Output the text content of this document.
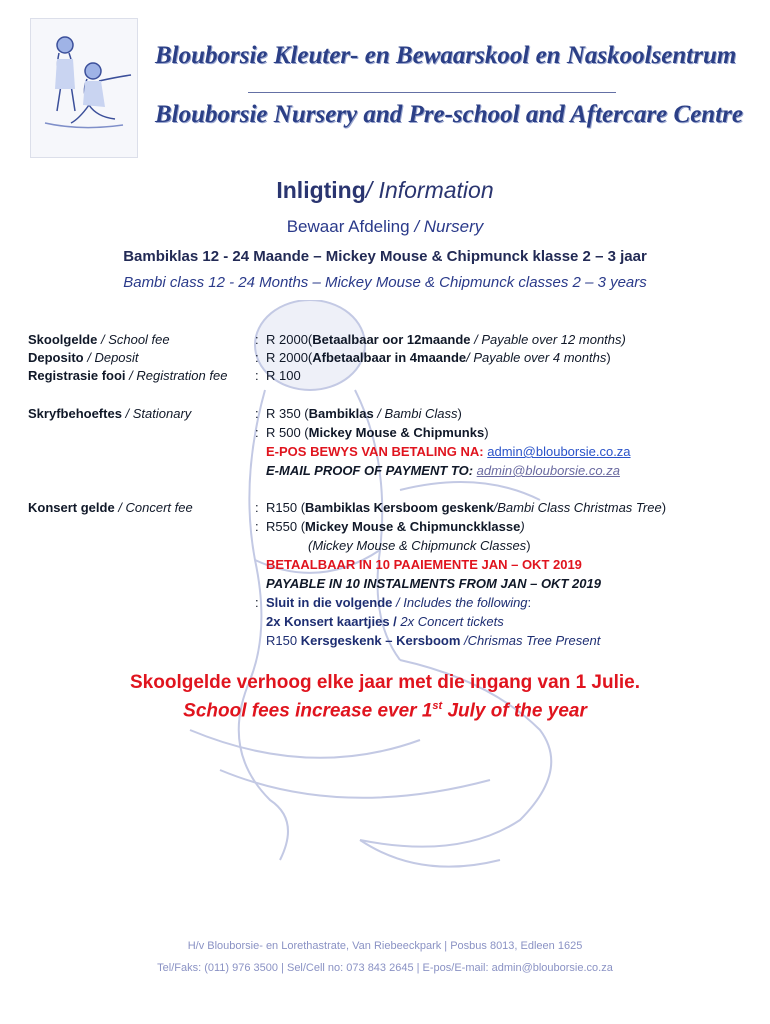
Blouborsie Kleuter- en Bewaarskool en Naskoolsentrum
Blouborsie Nursery and Pre-school and Aftercare Centre
Inligting/ Information
Bewaar Afdeling / Nursery
Bambiklas 12 - 24 Maande – Mickey Mouse & Chipmunck klasse 2 – 3 jaar
Bambi class 12 - 24 Months – Mickey Mouse & Chipmunck classes 2 – 3 years
Skoolgelde / School fee	: R 2000(Betaalbaar oor 12maande / Payable over 12 months)
Deposito / Deposit	: R 2000(Afbetaalbaar in 4maande/ Payable over 4 months)
Registrasie fooi / Registration fee : R 100
Skryfbehoeftes / Stationary	: R 350 (Bambiklas / Bambi Class)
: R 500 (Mickey Mouse & Chipmunks)
E-POS BEWYS VAN BETALING NA: admin@blouborsie.co.za
E-MAIL PROOF OF PAYMENT TO: admin@blouborsie.co.za
Konsert gelde / Concert fee	: R150 (Bambiklas Kersboom geskenk/Bambi Class Christmas Tree)
: R550 (Mickey Mouse & Chipmunckklasse)
(Mickey Mouse & Chipmunck Classes)
BETAALBAAR IN 10 PAAIEMENTE JAN – OKT 2019
PAYABLE IN 10 INSTALMENTS FROM JAN – OKT 2019
: Sluit in die volgende / Includes the following:
2x Konsert kaartjies / 2x Concert tickets
R150 Kersgeskenk – Kersboom /Chrismas Tree Present
Skoolgelde verhoog elke jaar met die ingang van 1 Julie.
School fees increase ever 1st July of the year
H/v Blouborsie- en Lorethastrate, Van Riebeeckpark | Posbus 8013, Edleen 1625
Tel/Faks: (011) 976 3500 | Sel/Cell no: 073 843 2645 | E-pos/E-mail: admin@blouborsie.co.za
